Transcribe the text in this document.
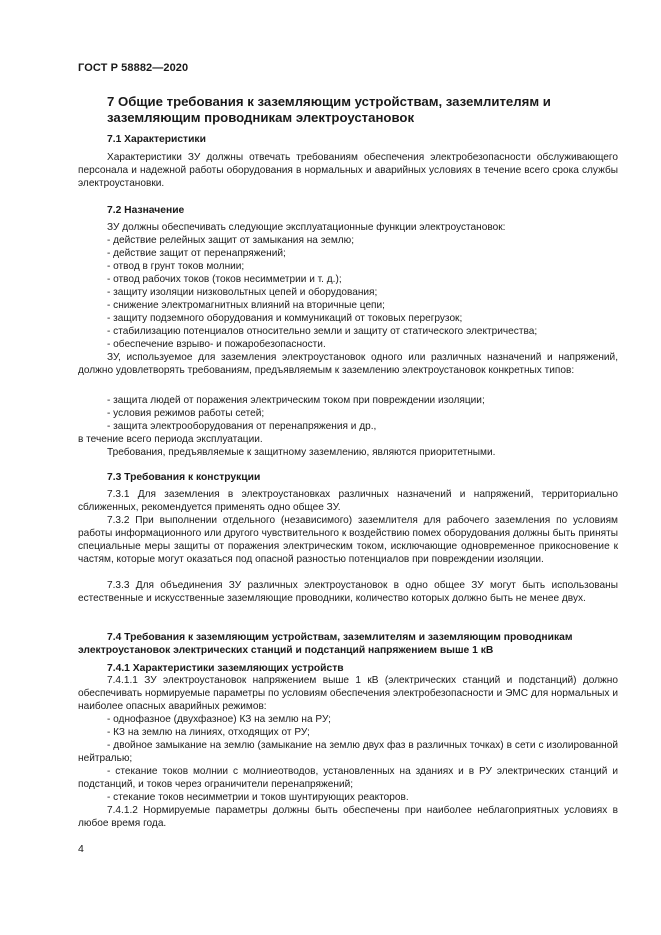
ГОСТ Р 58882—2020
7 Общие требования к заземляющим устройствам, заземлителям и заземляющим проводникам электроустановок
7.1 Характеристики
Характеристики ЗУ должны отвечать требованиям обеспечения электробезопасности обслуживающего персонала и надежной работы оборудования в нормальных и аварийных условиях в течение всего срока службы электроустановки.
7.2 Назначение
ЗУ должны обеспечивать следующие эксплуатационные функции электроустановок:
- действие релейных защит от замыкания на землю;
- действие защит от перенапряжений;
- отвод в грунт токов молнии;
- отвод рабочих токов (токов несимметрии и т. д.);
- защиту изоляции низковольтных цепей и оборудования;
- снижение электромагнитных влияний на вторичные цепи;
- защиту подземного оборудования и коммуникаций от токовых перегрузок;
- стабилизацию потенциалов относительно земли и защиту от статического электричества;
- обеспечение взрыво- и пожаробезопасности.
ЗУ, используемое для заземления электроустановок одного или различных назначений и напряжений, должно удовлетворять требованиям, предъявляемым к заземлению электроустановок конкретных типов:
- защита людей от поражения электрическим током при повреждении изоляции;
- условия режимов работы сетей;
- защита электрооборудования от перенапряжения и др.,
в течение всего периода эксплуатации.
Требования, предъявляемые к защитному заземлению, являются приоритетными.
7.3 Требования к конструкции
7.3.1 Для заземления в электроустановках различных назначений и напряжений, территориально сближенных, рекомендуется применять одно общее ЗУ.
7.3.2 При выполнении отдельного (независимого) заземлителя для рабочего заземления по условиям работы информационного или другого чувствительного к воздействию помех оборудования должны быть приняты специальные меры защиты от поражения электрическим током, исключающие одновременное прикосновение к частям, которые могут оказаться под опасной разностью потенциалов при повреждении изоляции.
7.3.3 Для объединения ЗУ различных электроустановок в одно общее ЗУ могут быть использованы естественные и искусственные заземляющие проводники, количество которых должно быть не менее двух.
7.4 Требования к заземляющим устройствам, заземлителям и заземляющим проводникам электроустановок электрических станций и подстанций напряжением выше 1 кВ
7.4.1 Характеристики заземляющих устройств
7.4.1.1 ЗУ электроустановок напряжением выше 1 кВ (электрических станций и подстанций) должно обеспечивать нормируемые параметры по условиям обеспечения электробезопасности и ЭМС для нормальных и наиболее опасных аварийных режимов:
- однофазное (двухфазное) КЗ на землю на РУ;
- КЗ на землю на линиях, отходящих от РУ;
- двойное замыкание на землю (замыкание на землю двух фаз в различных точках) в сети с изолированной нейтралью;
- стекание токов молнии с молниеотводов, установленных на зданиях и в РУ электрических станций и подстанций, и токов через ограничители перенапряжений;
- стекание токов несимметрии и токов шунтирующих реакторов.
7.4.1.2 Нормируемые параметры должны быть обеспечены при наиболее неблагоприятных условиях в любое время года.
4
